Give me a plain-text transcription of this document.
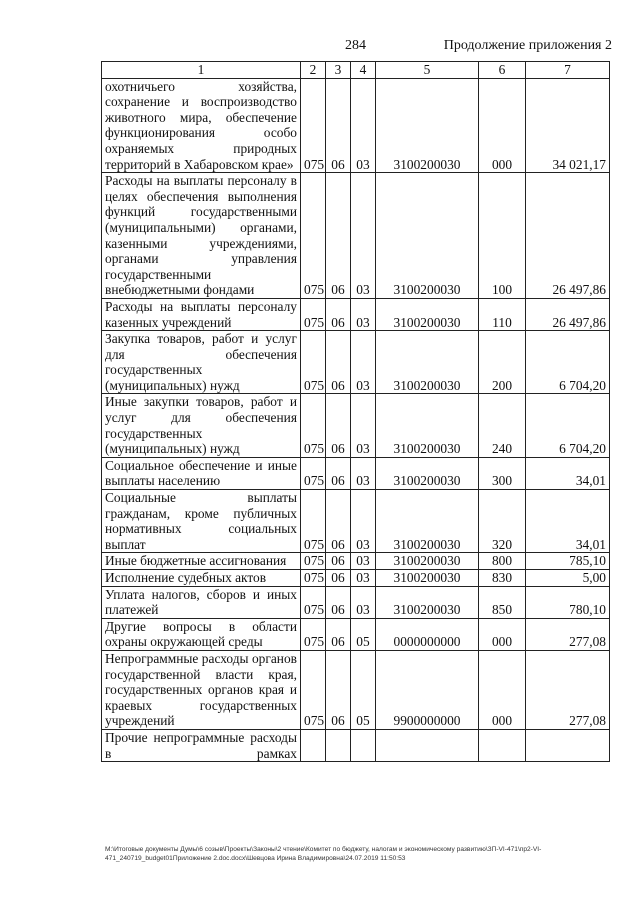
284	Продолжение приложения 2
1	2	3	4	5	6	7
охотничьего хозяйства, сохранение и воспроизводство животного мира, обеспечение функционирования особо охраняемых природных территорий в Хабаровском крае»	075	06	03	3100200030	000	34 021,17
Расходы на выплаты персоналу в целях обеспечения выполнения функций государственными (муниципальными) органами, казенными учреждениями, органами управления государственными внебюджетными фондами	075	06	03	3100200030	100	26 497,86
Расходы на выплаты персоналу казенных учреждений	075	06	03	3100200030	110	26 497,86
Закупка товаров, работ и услуг для обеспечения государственных (муниципальных) нужд	075	06	03	3100200030	200	6 704,20
Иные закупки товаров, работ и услуг для обеспечения государственных (муниципальных) нужд	075	06	03	3100200030	240	6 704,20
Социальное обеспечение и иные выплаты населению	075	06	03	3100200030	300	34,01
Социальные выплаты гражданам, кроме публичных нормативных социальных выплат	075	06	03	3100200030	320	34,01
Иные бюджетные ассигнования	075	06	03	3100200030	800	785,10
Исполнение судебных актов	075	06	03	3100200030	830	5,00
Уплата налогов, сборов и иных платежей	075	06	03	3100200030	850	780,10
Другие вопросы в области охраны окружающей среды	075	06	05	0000000000	000	277,08
Непрограммные расходы органов государственной власти края, государственных органов края и краевых государственных учреждений	075	06	05	9900000000	000	277,08
Прочие непрограммные расходы в рамках						
M:\Итоговые документы Думы\6 созыв\Проекты\Законы\2 чтение\Комитет по бюджету, налогам и экономическому развитию\ЗП-VI-471\пр2-VI-471_240719_budget01Приложение 2.doc.docx\Шевцова Ирина Владимировна\24.07.2019 11:50:53
